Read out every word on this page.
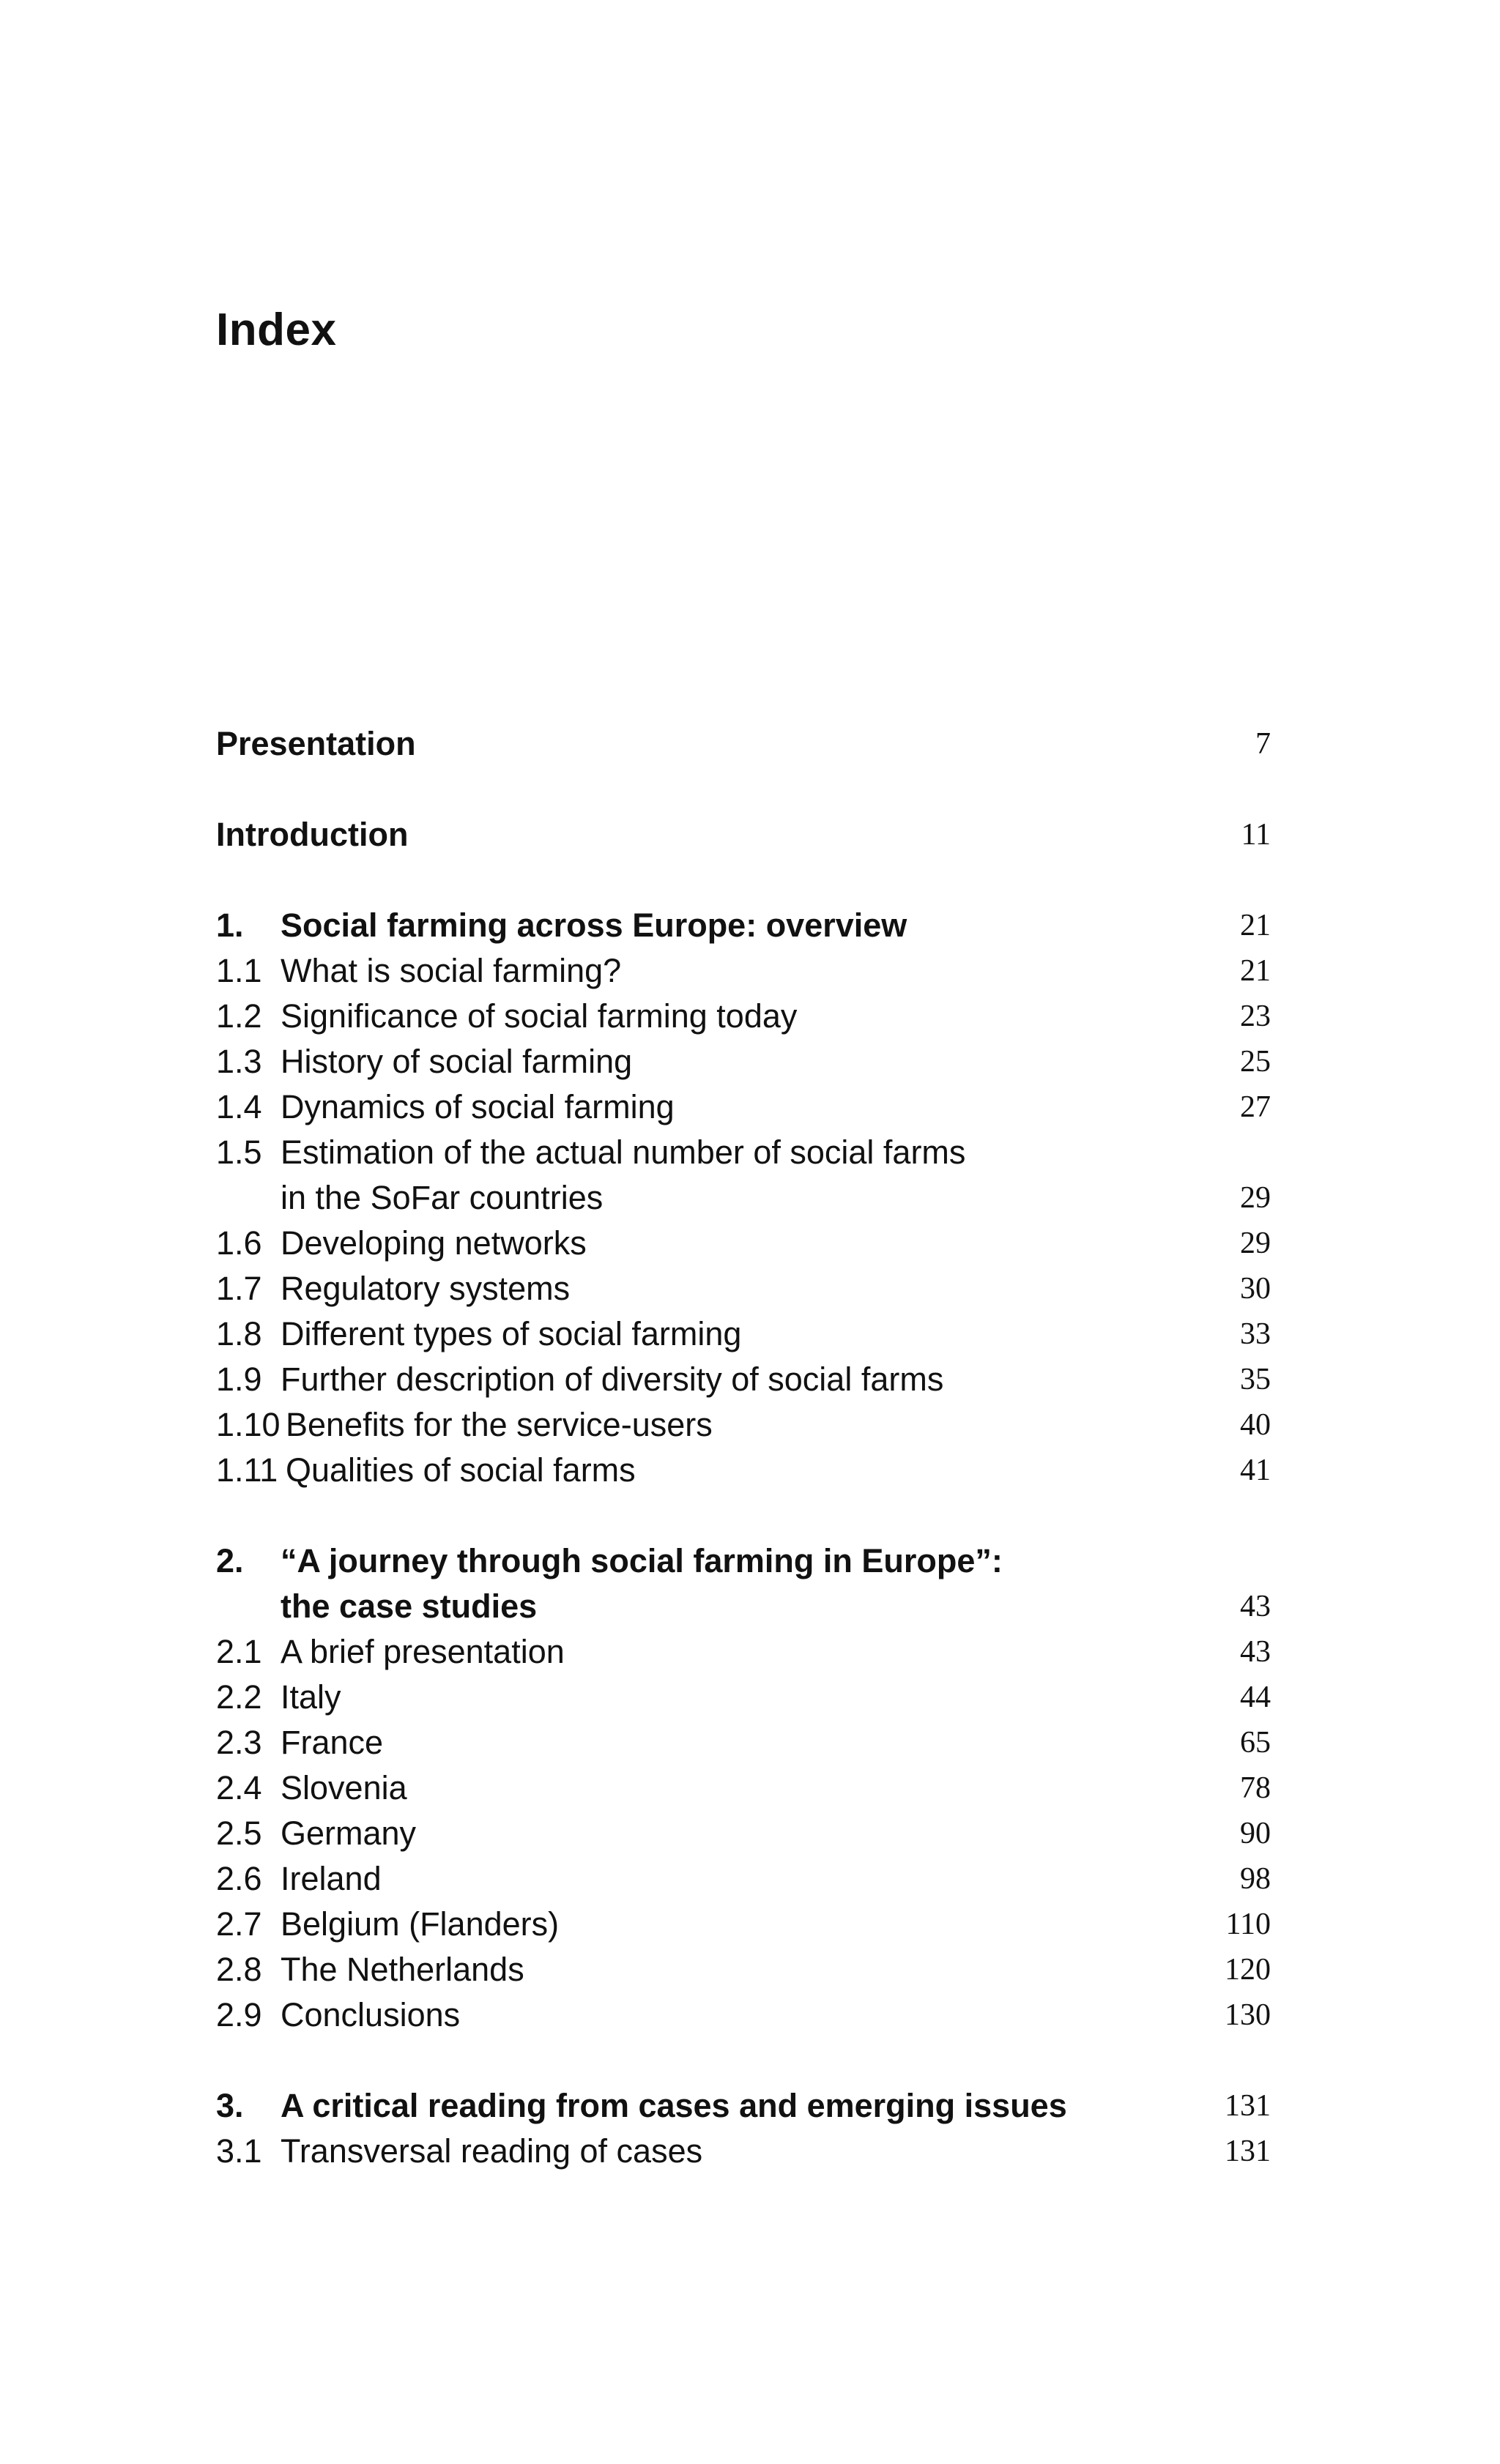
Index
Presentation	7
Introduction	11
1. Social farming across Europe: overview	21
1.1 What is social farming?	21
1.2 Significance of social farming today	23
1.3 History of social farming	25
1.4 Dynamics of social farming	27
1.5 Estimation of the actual number of social farms
in the SoFar countries	29
1.6 Developing networks	29
1.7 Regulatory systems	30
1.8 Different types of social farming	33
1.9 Further description of diversity of social farms	35
1.10 Benefits for the service-users	40
1.11 Qualities of social farms	41
2. “A journey through social farming in Europe”:
the case studies	43
2.1 A brief presentation	43
2.2 Italy	44
2.3 France	65
2.4 Slovenia	78
2.5 Germany	90
2.6 Ireland	98
2.7 Belgium (Flanders)	110
2.8 The Netherlands	120
2.9 Conclusions	130
3. A critical reading from cases and emerging issues	131
3.1 Transversal reading of cases	131
